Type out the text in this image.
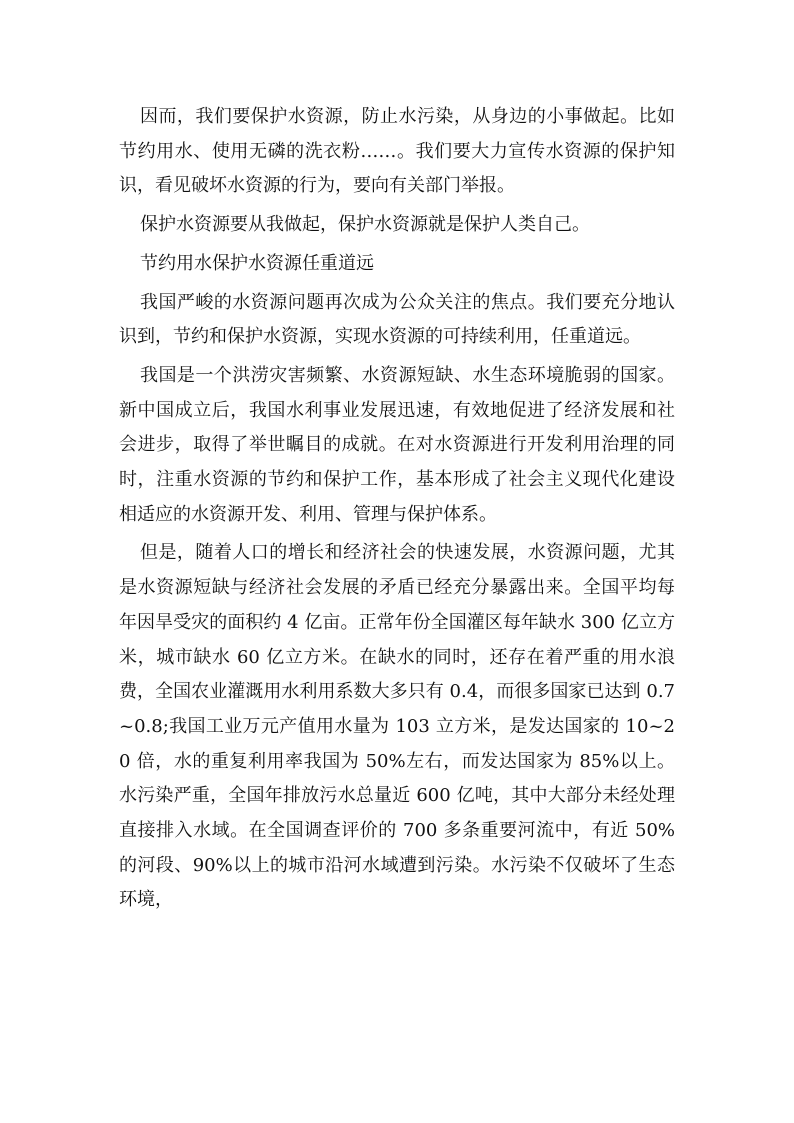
因而，我们要保护水资源，防止水污染，从身边的小事做起。比如节约用水、使用无磷的洗衣粉……。我们要大力宣传水资源的保护知识，看见破坏水资源的行为，要向有关部门举报。

保护水资源要从我做起，保护水资源就是保护人类自己。

节约用水保护水资源任重道远

我国严峻的水资源问题再次成为公众关注的焦点。我们要充分地认识到，节约和保护水资源，实现水资源的可持续利用，任重道远。

我国是一个洪涝灾害频繁、水资源短缺、水生态环境脆弱的国家。新中国成立后，我国水利事业发展迅速，有效地促进了经济发展和社会进步，取得了举世瞩目的成就。在对水资源进行开发利用治理的同时，注重水资源的节约和保护工作，基本形成了社会主义现代化建设相适应的水资源开发、利用、管理与保护体系。

但是，随着人口的增长和经济社会的快速发展，水资源问题，尤其是水资源短缺与经济社会发展的矛盾已经充分暴露出来。全国平均每年因旱受灾的面积约 4 亿亩。正常年份全国灌区每年缺水 300 亿立方米，城市缺水 60 亿立方米。在缺水的同时，还存在着严重的用水浪费，全国农业灌溉用水利用系数大多只有 0.4，而很多国家已达到 0.7~0.8;我国工业万元产值用水量为 103 立方米，是发达国家的 10~20 倍，水的重复利用率我国为 50%左右，而发达国家为 85%以上。水污染严重，全国年排放污水总量近 600 亿吨，其中大部分未经处理直接排入水域。在全国调查评价的 700 多条重要河流中，有近 50%的河段、90%以上的城市沿河水域遭到污染。水污染不仅破坏了生态环境，
